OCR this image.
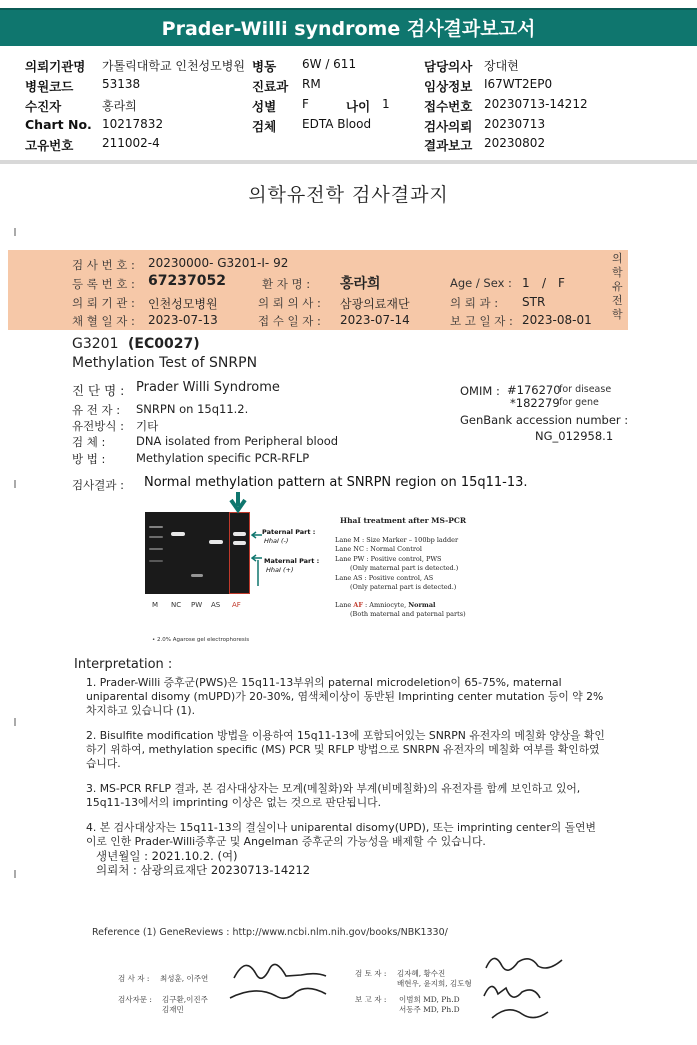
Prader-Willi syndrome 검사결과보고서
의뢰기관명 가톨릭대학교 인천성모병원 병동 6W / 611	담당의사 장대현
병원코드 53138	진료과 RM	임상정보 I67WT2EP0
수진자	홍라희	성별 F	나이 1	접수번호 20230713-14212
Chart No. 10217832	검체 EDTA Blood	검사의뢰 20230713
고유번호 211002-4	결과보고 20230802
의학유전학 검사결과지
검 사 번 호 : 20230000- G3201-I- 92
등 록 번 호 : 67237052	환 자 명 : 홍라희	Age / Sex : 1 / F
의 뢰 기 관 : 인천성모병원	의 뢰 의 사 : 삼광의료재단	의 뢰 과 : STR
채 혈 일 자 : 2023-07-13	접 수 일 자 : 2023-07-14	보 고 일 자 : 2023-08-01
의
학
유
전
학
G3201 (EC0027)
Methylation Test of SNRPN
진 단 명 : Prader Willi Syndrome
유 전 자 : SNRPN on 15q11.2.
유전방식 : 기타
검 체 :	DNA isolated from Peripheral blood
방 법 :	Methylation specific PCR-RFLP
OMIM : #176270
for disease
*182279 for gene
GenBank accession number :
NG_012958.1
검사결과 : Normal methylation pattern at SNRPN region on 15q11-13.
Paternal Part :
HhaI (-)
Maternal Part :
HhaI (+)
M NC PW AS AF
• 2.0% Agarose gel electrophoresis
HhaI treatment after MS-PCR
Lane M : Size Marker – 100bp ladder
Lane NC : Normal Control
Lane PW : Positive control, PWS
(Only maternal part is detected.)
Lane AS : Positive control, AS
(Only paternal part is detected.)
Lane AF : Amniocyte, Normal
(Both maternal and paternal parts)
Interpretation :

1. Prader-Willi 증후군(PWS)은 15q11-13부위의 paternal microdeletion이 65-75%, maternal uniparental disomy (mUPD)가 20-30%, 염색체이상이 동반된 Imprinting center mutation 등이 약 2% 차지하고 있습니다 (1).

2. Bisulfite modification 방법을 이용하여 15q11-13에 포함되어있는 SNRPN 유전자의 메칠화 양상을 확인하기 위하여, methylation specific (MS) PCR 및 RFLP 방법으로 SNRPN 유전자의 메칠화 여부를 확인하였습니다.

3. MS-PCR RFLP 결과, 본 검사대상자는 모계(메칠화)와 부계(비메칠화)의 유전자를 함께 보인하고 있어, 15q11-13에서의 imprinting 이상은 없는 것으로 판단됩니다.

4. 본 검사대상자는 15q11-13의 결실이나 uniparental disomy(UPD), 또는 imprinting center의 돌연변이로 인한 Prader-Willi증후군 및 Angelman 증후군의 가능성을 배제할 수 있습니다.

생년월일 : 2021.10.2. (여)
의뢰처 : 삼광의료재단 20230713-14212
Reference (1) GeneReviews : http://www.ncbi.nlm.nih.gov/books/NBK1330/
검 사 자 : 최성훈, 이주연
검사자문 : 김구환,이진주
김재민
검 토 자 : 김자혜, 황수진
배현우, 윤지희, 김도형
보 고 자 : 이범희 MD, Ph.D
서동주 MD, Ph.D
